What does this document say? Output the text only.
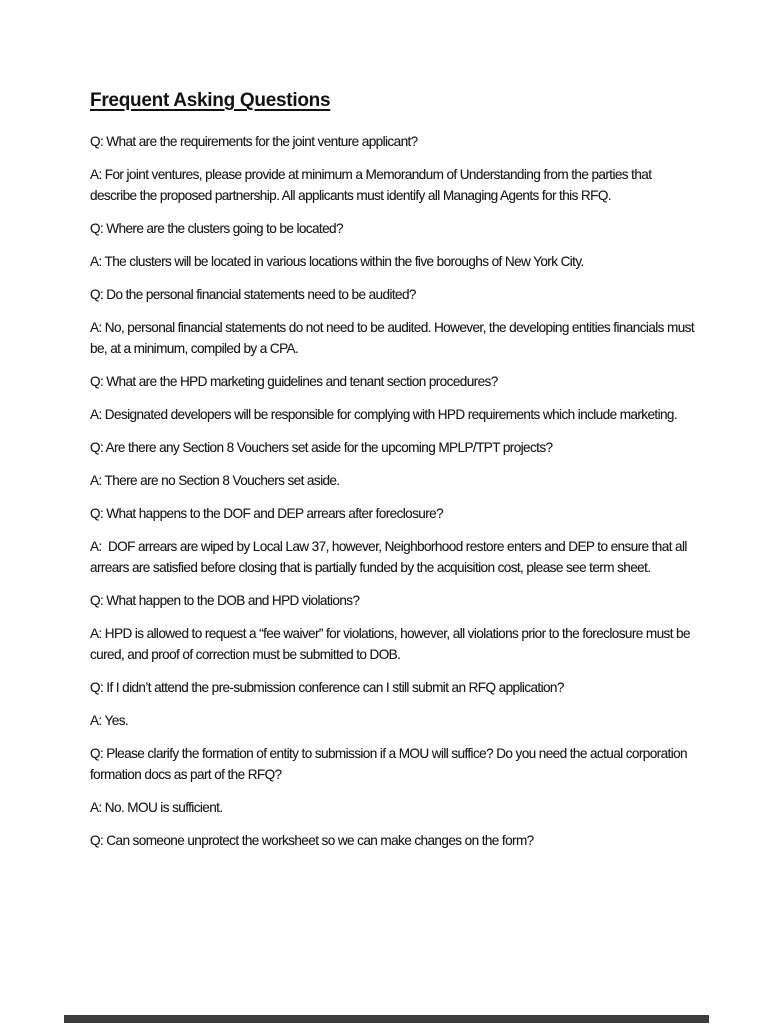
Frequent Asking Questions

Q: What are the requirements for the joint venture applicant?

A: For joint ventures, please provide at minimum a Memorandum of Understanding from the parties that describe the proposed partnership. All applicants must identify all Managing Agents for this RFQ.

Q: Where are the clusters going to be located?

A: The clusters will be located in various locations within the five boroughs of New York City.

Q: Do the personal financial statements need to be audited?

A: No, personal financial statements do not need to be audited. However, the developing entities financials must be, at a minimum, compiled by a CPA.

Q: What are the HPD marketing guidelines and tenant section procedures?

A: Designated developers will be responsible for complying with HPD requirements which include marketing.

Q: Are there any Section 8 Vouchers set aside for the upcoming MPLP/TPT projects?

A: There are no Section 8 Vouchers set aside.

Q: What happens to the DOF and DEP arrears after foreclosure?

A:  DOF arrears are wiped by Local Law 37, however, Neighborhood restore enters and DEP to ensure that all arrears are satisfied before closing that is partially funded by the acquisition cost, please see term sheet.

Q: What happen to the DOB and HPD violations?

A: HPD is allowed to request a “fee waiver” for violations, however, all violations prior to the foreclosure must be cured, and proof of correction must be submitted to DOB.

Q: If I didn’t attend the pre-submission conference can I still submit an RFQ application?

A: Yes.

Q: Please clarify the formation of entity to submission if a MOU will suffice? Do you need the actual corporation formation docs as part of the RFQ?

A: No. MOU is sufficient.

Q: Can someone unprotect the worksheet so we can make changes on the form?
